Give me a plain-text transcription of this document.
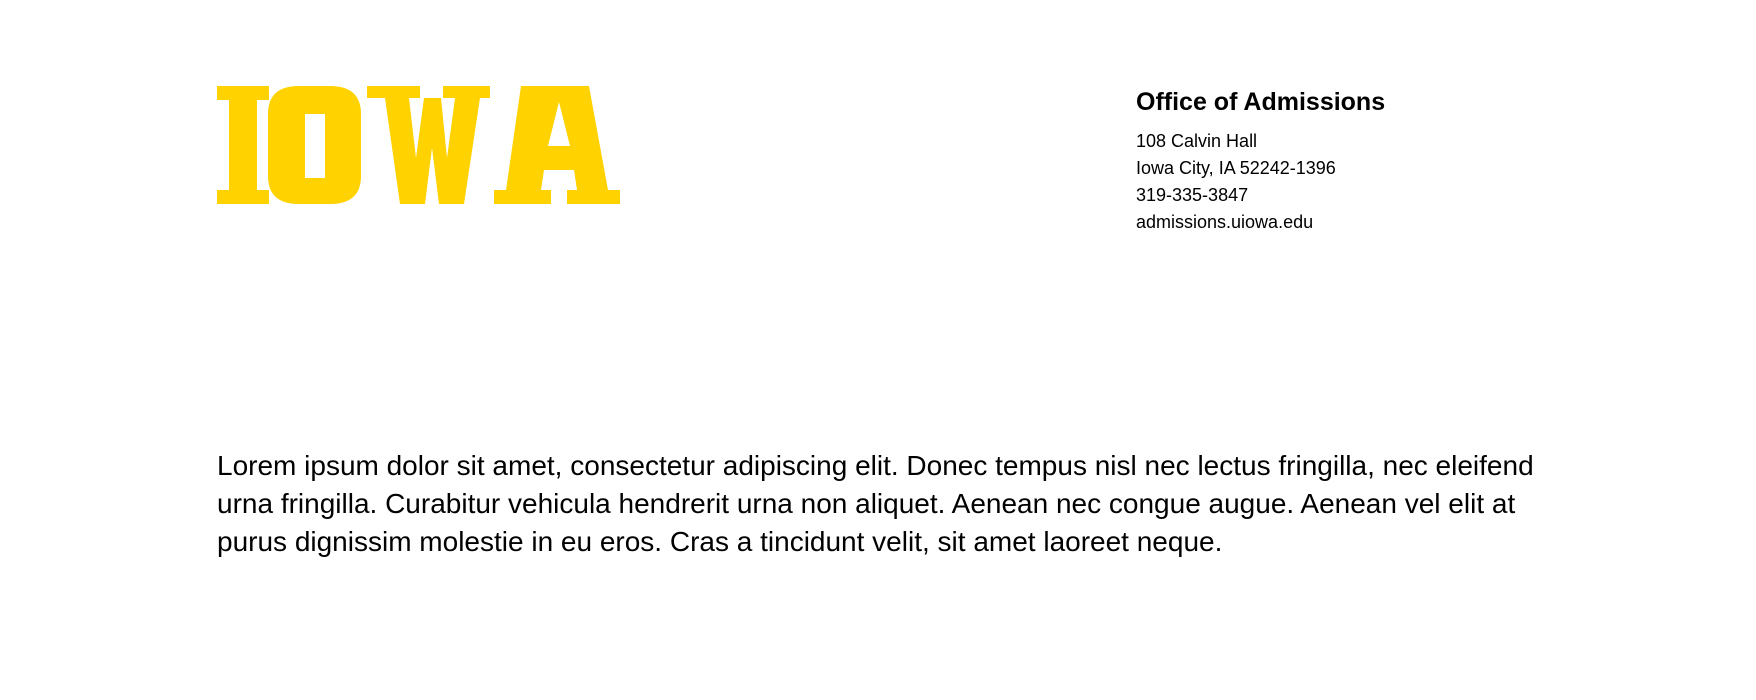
Office of Admissions
108 Calvin Hall
Iowa City, IA 52242-1396
319-335-3847
admissions.uiowa.edu

Lorem ipsum dolor sit amet, consectetur adipiscing elit. Donec tempus nisl nec lectus fringilla, nec eleifend urna fringilla. Curabitur vehicula hendrerit urna non aliquet. Aenean nec congue augue. Aenean vel elit at purus dignissim molestie in eu eros. Cras a tincidunt velit, sit amet laoreet neque.
